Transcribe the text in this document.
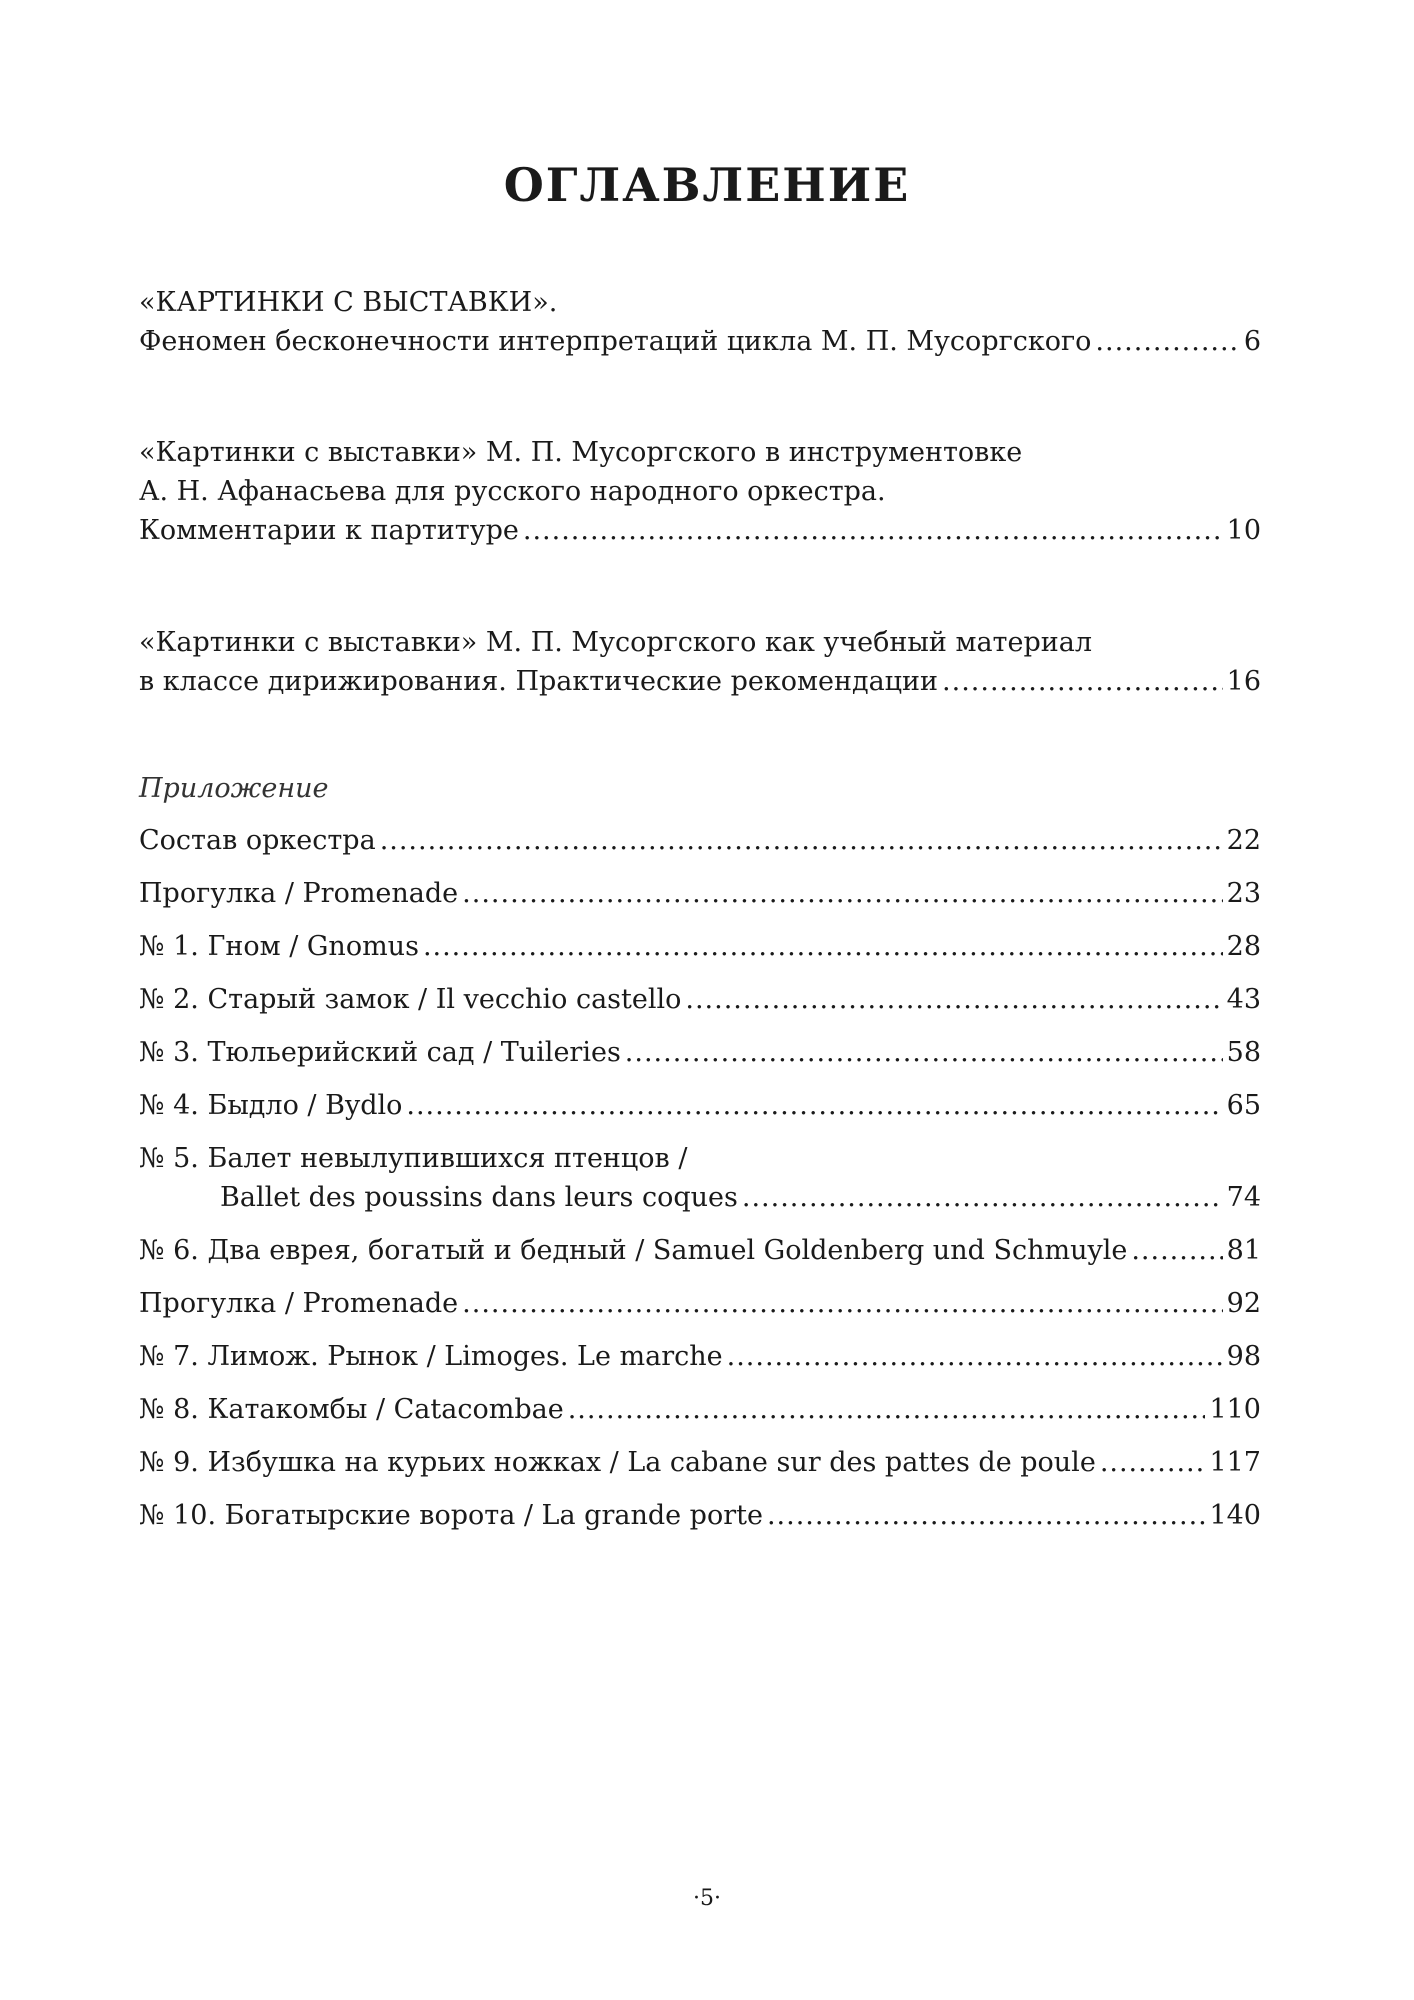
ОГЛАВЛЕНИЕ
«КАРТИНКИ С ВЫСТАВКИ».
Феномен бесконечности интерпретаций цикла М. П. Мусоргского .....	6
«Картинки с выставки» М. П. Мусоргского в инструментовке
А. Н. Афанасьева для русского народного оркестра.
Комментарии к партитуре .....	10
«Картинки с выставки» М. П. Мусоргского как учебный материал
в классе дирижирования. Практические рекомендации .....	16
Приложение
Состав оркестра .....	22
Прогулка / Promenade .....	23
№ 1. Гном / Gnomus .....	28
№ 2. Старый замок / Il vecchio castello .....	43
№ 3. Тюльерийский сад / Tuileries .....	58
№ 4. Быдло / Bydlo .....	65
№ 5. Балет невылупившихся птенцов /
Ballet des poussins dans leurs coques .....	74
№ 6. Два еврея, богатый и бедный / Samuel Goldenberg und Schmuyle .....	81
Прогулка / Promenade .....	92
№ 7. Лимож. Рынок / Limoges. Le marche .....	98
№ 8. Катакомбы / Catacombae .....	110
№ 9. Избушка на курьих ножках / La cabane sur des pattes de poule .....	117
№ 10. Богатырские ворота / La grande porte .....	140
·5·
